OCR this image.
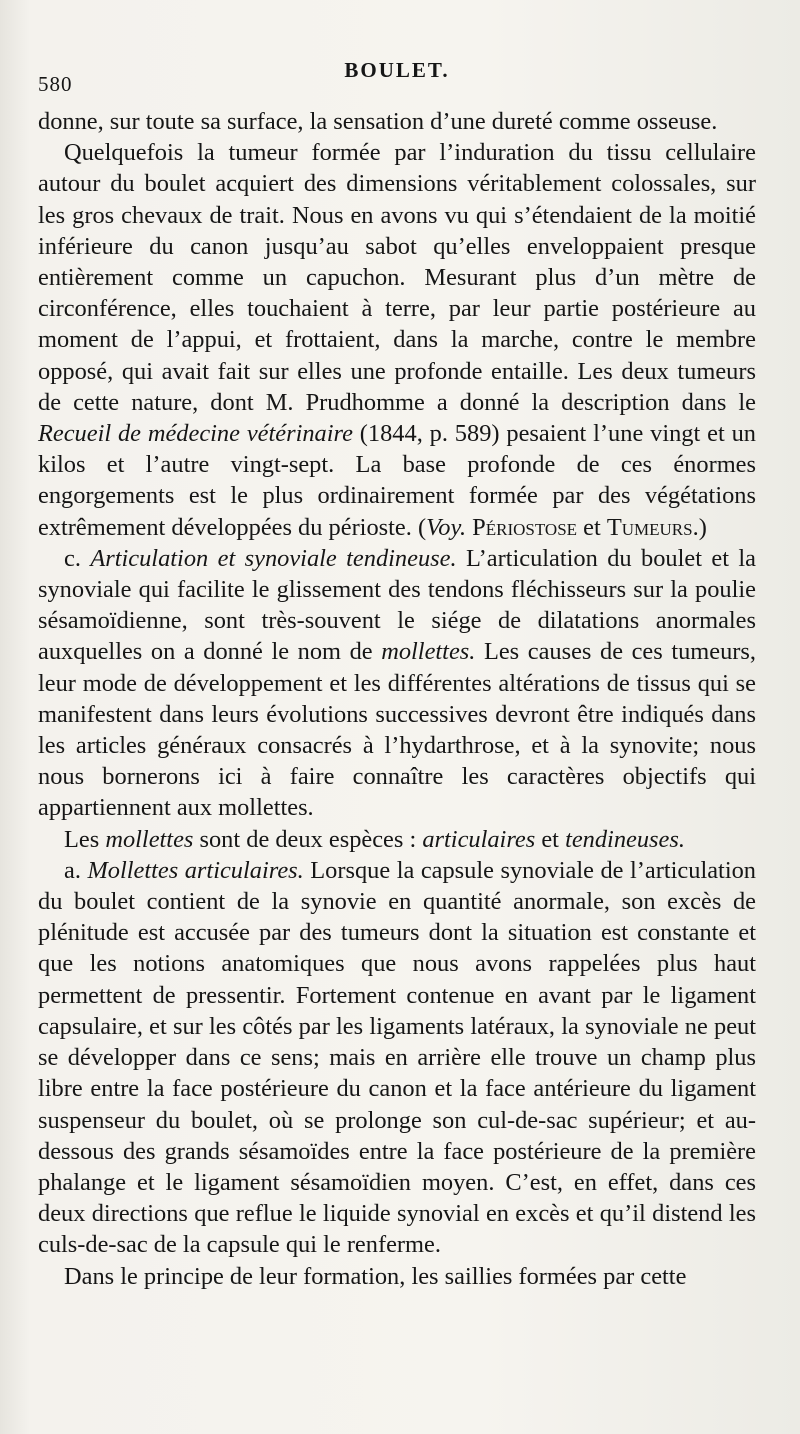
580
BOULET.

donne, sur toute sa surface, la sensation d’une dureté comme osseuse.

Quelquefois la tumeur formée par l’induration du tissu cellulaire autour du boulet acquiert des dimensions véritablement colossales, sur les gros chevaux de trait. Nous en avons vu qui s’étendaient de la moitié inférieure du canon jusqu’au sabot qu’elles enveloppaient presque entièrement comme un capuchon. Mesurant plus d’un mètre de circonférence, elles touchaient à terre, par leur partie postérieure au moment de l’appui, et frottaient, dans la marche, contre le membre opposé, qui avait fait sur elles une profonde entaille. Les deux tumeurs de cette nature, dont M. Prudhomme a donné la description dans le Recueil de médecine vétérinaire (1844, p. 589) pesaient l’une vingt et un kilos et l’autre vingt-sept. La base profonde de ces énormes engorgements est le plus ordinairement formée par des végétations extrêmement développées du périoste. (Voy. Périostose et Tumeurs.)

c. Articulation et synoviale tendineuse. L’articulation du boulet et la synoviale qui facilite le glissement des tendons fléchisseurs sur la poulie sésamoïdienne, sont très-souvent le siége de dilatations anormales auxquelles on a donné le nom de mollettes. Les causes de ces tumeurs, leur mode de développement et les différentes altérations de tissus qui se manifestent dans leurs évolutions successives devront être indiqués dans les articles généraux consacrés à l’hydarthrose, et à la synovite; nous nous bornerons ici à faire connaître les caractères objectifs qui appartiennent aux mollettes.

Les mollettes sont de deux espèces : articulaires et tendineuses.

a. Mollettes articulaires. Lorsque la capsule synoviale de l’articulation du boulet contient de la synovie en quantité anormale, son excès de plénitude est accusée par des tumeurs dont la situation est constante et que les notions anatomiques que nous avons rappelées plus haut permettent de pressentir. Fortement contenue en avant par le ligament capsulaire, et sur les côtés par les ligaments latéraux, la synoviale ne peut se développer dans ce sens; mais en arrière elle trouve un champ plus libre entre la face postérieure du canon et la face antérieure du ligament suspenseur du boulet, où se prolonge son cul-de-sac supérieur; et au-dessous des grands sésamoïdes entre la face postérieure de la première phalange et le ligament sésamoïdien moyen. C’est, en effet, dans ces deux directions que reflue le liquide synovial en excès et qu’il distend les culs-de-sac de la capsule qui le renferme.

Dans le principe de leur formation, les saillies formées par cette
